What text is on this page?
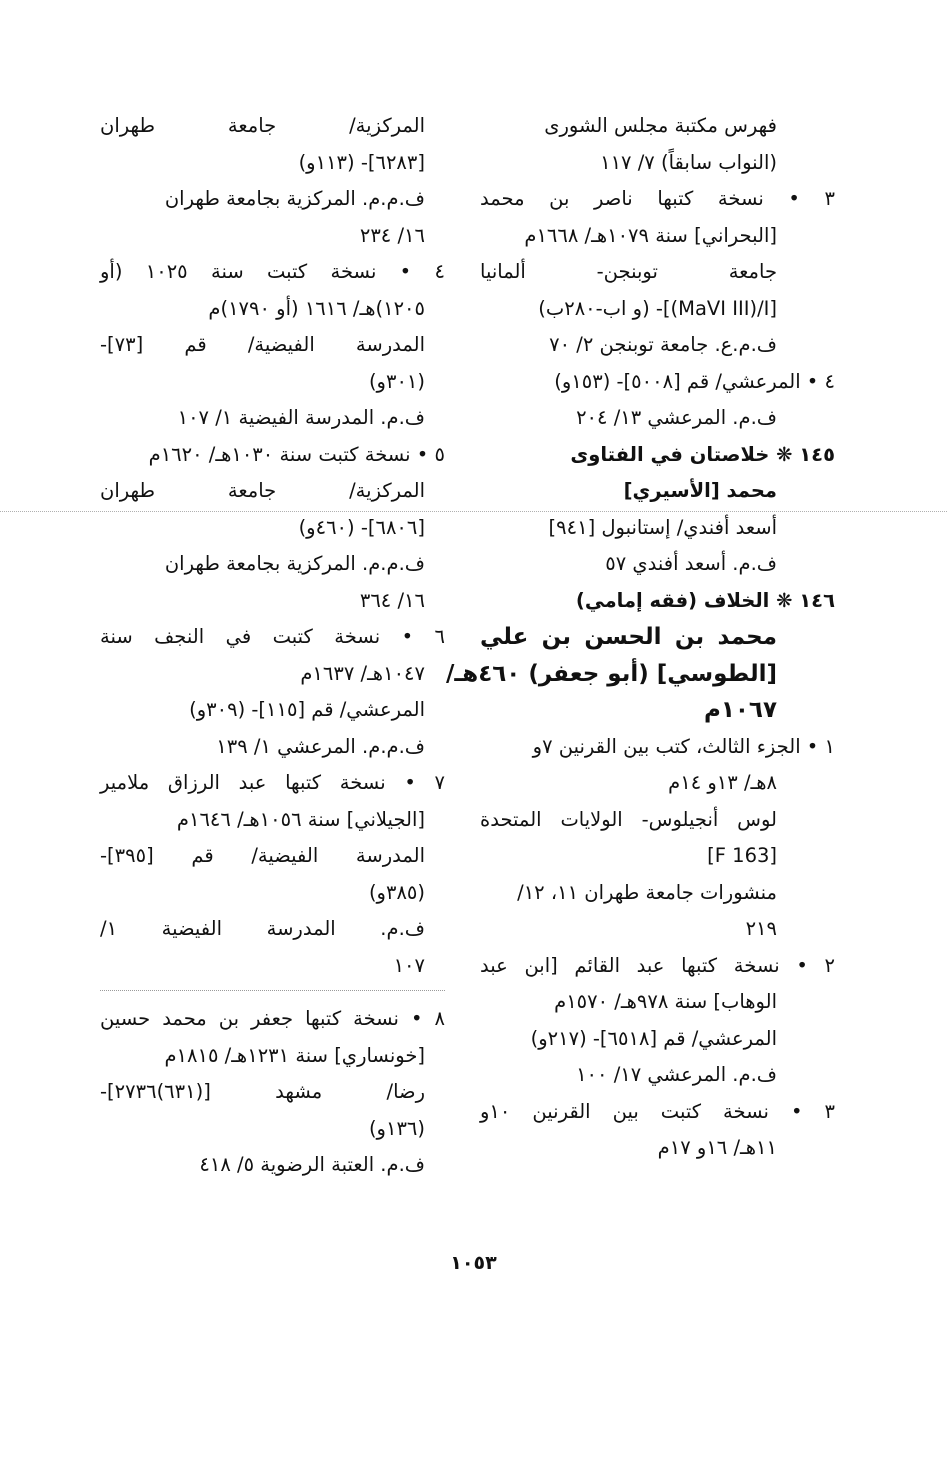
فهرس مكتبة مجلس الشورى
(النواب سابقاً) ٧/ ١١٧
٣ • نسخة كتبها ناصر بن محمد
[البحراني] سنة ١٠٧٩هـ/ ١٦٦٨م
جامعة توبنجن- ألمانيا
[MaVI III)/I)]- (و اب-٢٨٠ب)
ف.م.ع. جامعة توبنجن ٢/ ٧٠
٤ • المرعشي/ قم [٥٠٠٨]- (١٥٣و)
ف.م. المرعشي ١٣/ ٢٠٤
١٤٥ ❋ خلاصتان في الفتاوى
محمد [الأسيري]
أسعد أفندي/ إستانبول [٩٤١]
ف.م. أسعد أفندي ٥٧
١٤٦ ❋ الخلاف (فقه إمامي)
محمد بن الحسن بن علي
[الطوسي] (أبو جعفر) ٤٦٠هـ/
١٠٦٧م
١ • الجزء الثالث، كتب بين القرنين ٧و
٨هـ/ ١٣و ١٤م
لوس أنجيلوس- الولايات المتحدة
[F 163]
منشورات جامعة طهران ١١، ١٢/
٢١٩
٢ • نسخة كتبها عبد القائم [ابن عبد
الوهاب] سنة ٩٧٨هـ/ ١٥٧٠م
المرعشي/ قم [٦٥١٨]- (٢١٧و)
ف.م. المرعشي ١٧/ ١٠٠
٣ • نسخة كتبت بين القرنين ١٠و
١١هـ/ ١٦و ١٧م
المركزية/ جامعة طهران
[٦٢٨٣]- (١١٣و)
ف.م.م. المركزية بجامعة طهران
١٦/ ٢٣٤
٤ • نسخة كتبت سنة ١٠٢٥ (أو
١٢٠٥)هـ/ ١٦١٦ (أو ١٧٩٠)م
المدرسة الفيضية/ قم [٧٣]-
(٣٠١و)
ف.م. المدرسة الفيضية ١/ ١٠٧
٥ • نسخة كتبت سنة ١٠٣٠هـ/ ١٦٢٠م
المركزية/ جامعة طهران
[٦٨٠٦]- (٤٦٠و)
ف.م.م. المركزية بجامعة طهران
١٦/ ٣٦٤
٦ • نسخة كتبت في النجف سنة
١٠٤٧هـ/ ١٦٣٧م
المرعشي/ قم [١١٥]- (٣٠٩و)
ف.م.م. المرعشي ١/ ١٣٩
٧ • نسخة كتبها عبد الرزاق ملامير
[الجيلاني] سنة ١٠٥٦هـ/ ١٦٤٦م
المدرسة الفيضية/ قم [٣٩٥]-
(٣٨٥و)
ف.م. المدرسة الفيضية ١/
١٠٧
٨ • نسخة كتبها جعفر بن محمد حسين
[خونساري] سنة ١٢٣١هـ/ ١٨١٥م
رضا/ مشهد [(٦٣١)٢٧٣٦]-
(١٣٦و)
ف.م. العتبة الرضوية ٥/ ٤١٨
١٠٥٣
